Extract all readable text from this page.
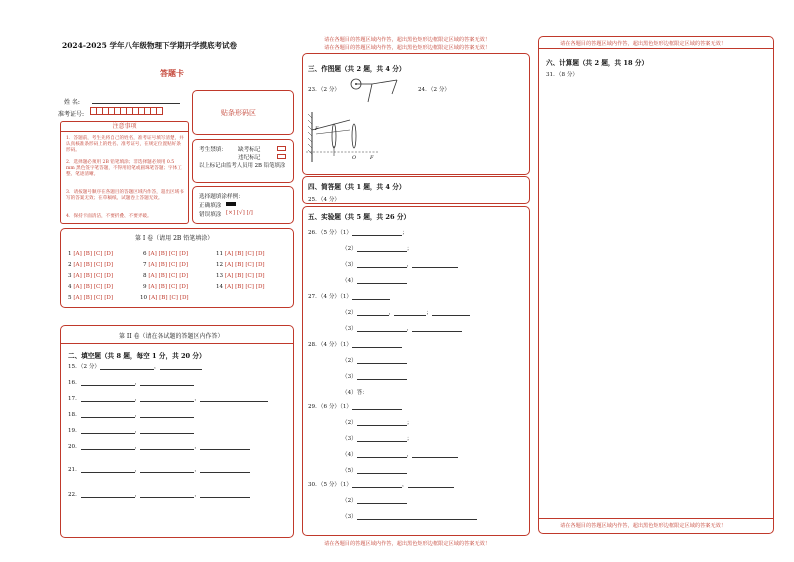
2024-2025 学年八年级物理下学期开学摸底考试卷
答题卡
姓 名:
准考证号:	贴条形码区
注意事项
1．答题前，考生先将自己的姓名，准考证号填写清楚，并认真核准条形码上的姓名、准考证号，在规定位置贴好条形码。
2．选择题必须用 2B 铅笔填涂；非选择题必须用 0.5 mm 黑色签字笔答题，不得用铅笔或圆珠笔答题；字体工整、笔迹清晰。
3．请按题号顺序在各题目的答题区域内作答，超出区域书写的答案无效；在草稿纸、试题卷上答题无效。
4．保持卡面清洁，不要折叠、不要弄破。
考生禁填： 缺考标记
违纪标记
以上标记由监考人员用 2B 铅笔填涂
选择题填涂样例：
正确填涂
错误填涂 [×] [√] [/]
第 I 卷（请用 2B 铅笔填涂）
1 [A] [B] [C] [D]
2 [A] [B] [C] [D]
3 [A] [B] [C] [D]
4 [A] [B] [C] [D]
5 [A] [B] [C] [D]
6 [A] [B] [C] [D]
7 [A] [B] [C] [D]
8 [A] [B] [C] [D]
9 [A] [B] [C] [D]
10 [A] [B] [C] [D]
11 [A] [B] [C] [D]
12 [A] [B] [C] [D]
13 [A] [B] [C] [D]
14 [A] [B] [C] [D]
第 II 卷（请在各试题的答题区内作答）
二、填空题（共 8 题，每空 1 分，共 20 分）
15．（2 分）	，
16．	，
17．	，	，
18．	，
19．	，
20．	，	，
21．	，	，
22．	，	，
请在各题目的答题区域内作答，超出黑色矩形边框限定区域的答案无效！
请在各题目的答题区域内作答，超出黑色矩形边框限定区域的答案无效！
三、作图题（共 2 题，共 4 分）
23．（2 分）	24．（2 分）
F
O	F
四、简答题（共 1 题，共 4 分）
25．（4 分）
五、实验题（共 5 题，共 26 分）
26．（5 分）（1）	；
（2）	；
（3）	，
（4）
27．（4 分）（1）
（2）	，	；
（3）	，
28．（4 分）（1）
（2）
（3）
（4）答：
29．（6 分）（1）
（2）	；
（3）	；
（4）	，
（5）
30．（5 分）（1）	，
（2）
（3）
请在各题目的答题区域内作答，超出黑色矩形边框限定区域的答案无效！
请在各题目的答题区域内作答，超出黑色矩形边框限定区域的答案无效！
六、计算题（共 2 题，共 18 分）
31．（8 分）
请在各题目的答题区域内作答，超出黑色矩形边框限定区域的答案无效！
